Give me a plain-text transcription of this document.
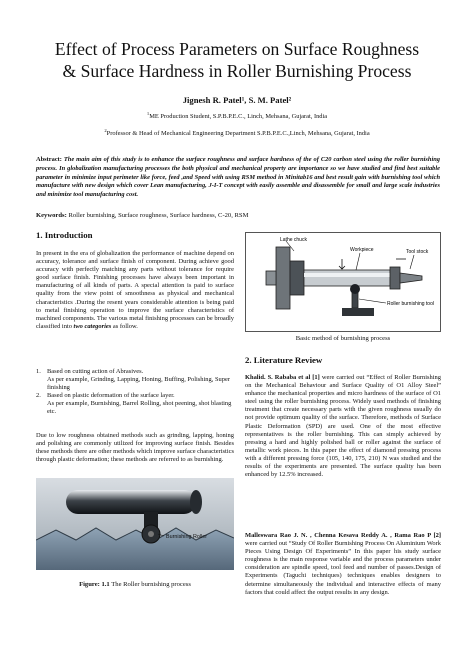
Effect of Process Parameters on Surface Roughness
& Surface Hardness in Roller Burnishing Process
Jignesh R. Patel¹, S. M. Patel²
$^1$ME Production Student, S.P.B.P.E.C., Linch, Mehsana, Gujarat, India
$^2$Professor & Head of Mechanical Engineering Department S.P.B.P.E.C.,Linch, Mehsana, Gujarat, India
Abstract: The main aim of this study is to enhance the surface roughness and surface hardness of the of C20 carbon steel using the roller burnishing process. In globalization manufacturing processes the both physical and mechanical property are importance so we have studied and find best suitable parameter in minimize input perimeter like force, feed ,and Speed with using RSM method in Minitab16 and best result gain with burnishing tool which manufacture with new design which cover Lean manufacturing, J-I-T concept with easily assemble and disassemble for small and large scale industries and minimize tool manufacturing cost.
Keywords: Roller burnishing, Surface roughness, Surface hardness, C-20, RSM
1. Introduction
In present in the era of globalization the performance of machine depend on accuracy, tolerance and surface finish of component. During achieve good accuracy with perfectly matching any parts without tolerance for require good surface finish. Finishing processes have always been important in manufacturing of all kinds of parts. A special attention is paid to surface quality from the view point of smoothness as physical and mechanical characteristics .During the resent years considerable attention is being paid to metal finishing operation to improve the surface characteristics of machined components. The various metal finishing processes can be broadly classified into two categories as follow.
1. Based on cutting action of Abrasives.
As per example, Grinding, Lapping, Honing, Buffing, Polishing, Super finishing
2. Based on plastic deformation of the surface layer.
As per example, Burnishing, Barrel Rolling, shot peening, shot blasting etc.
Due to low roughness obtained methods such as grinding, lapping, honing and polishing are commonly utilized for improving surface finish. Besides these methods there are other methods which improve surface characteristics through plastic deformation; these methods are referred to as burnishing.
Burnishing Roller
Figure: 1.1 The Roller burnishing process
Lathe chuck
Workpiece	Tool stock
Roller burnishing tool
Basic method of burnishing process
2. Literature Review
Khalid. S. Rababa et al [1] were carried out “Effect of Roller Burnishing on the Mechanical Behaviour and Surface Quality of O1 Alloy Steel” enhance the mechanical properties and micro hardness of the surface of O1 steel using the roller burnishing process. Widely used methods of finishing treatment that create necessary parts with the given roughness usually do not provide optimum quality of the surface. Therefore, methods of Surface Plastic Deformation (SPD) are used. One of the most effective representatives is the roller burnishing. This can simply achieved by pressing a hard and highly polished ball or roller against the surface of metallic work pieces. In this paper the effect of diamond pressing process with a different pressing force (105, 140, 175, 210) N was studied and the results of the experiments are presented. The surface quality has been enhanced by 12.5% increased.
Malleswara Rao J. N. , Chenna Kesava Reddy A. , Rama Rao P [2] were carried out “Study Of Roller Burnishing Process On Aluminium Work Pieces Using Design Of Experiments” In this paper his study surface roughness is the main response variable and the process parameters under consideration are spindle speed, tool feed and number of passes.Design of Experiments (Taguchi techniques) techniques enables designers to determine simultaneously the individual and interactive effects of many factors that could affect the output results in any design.
